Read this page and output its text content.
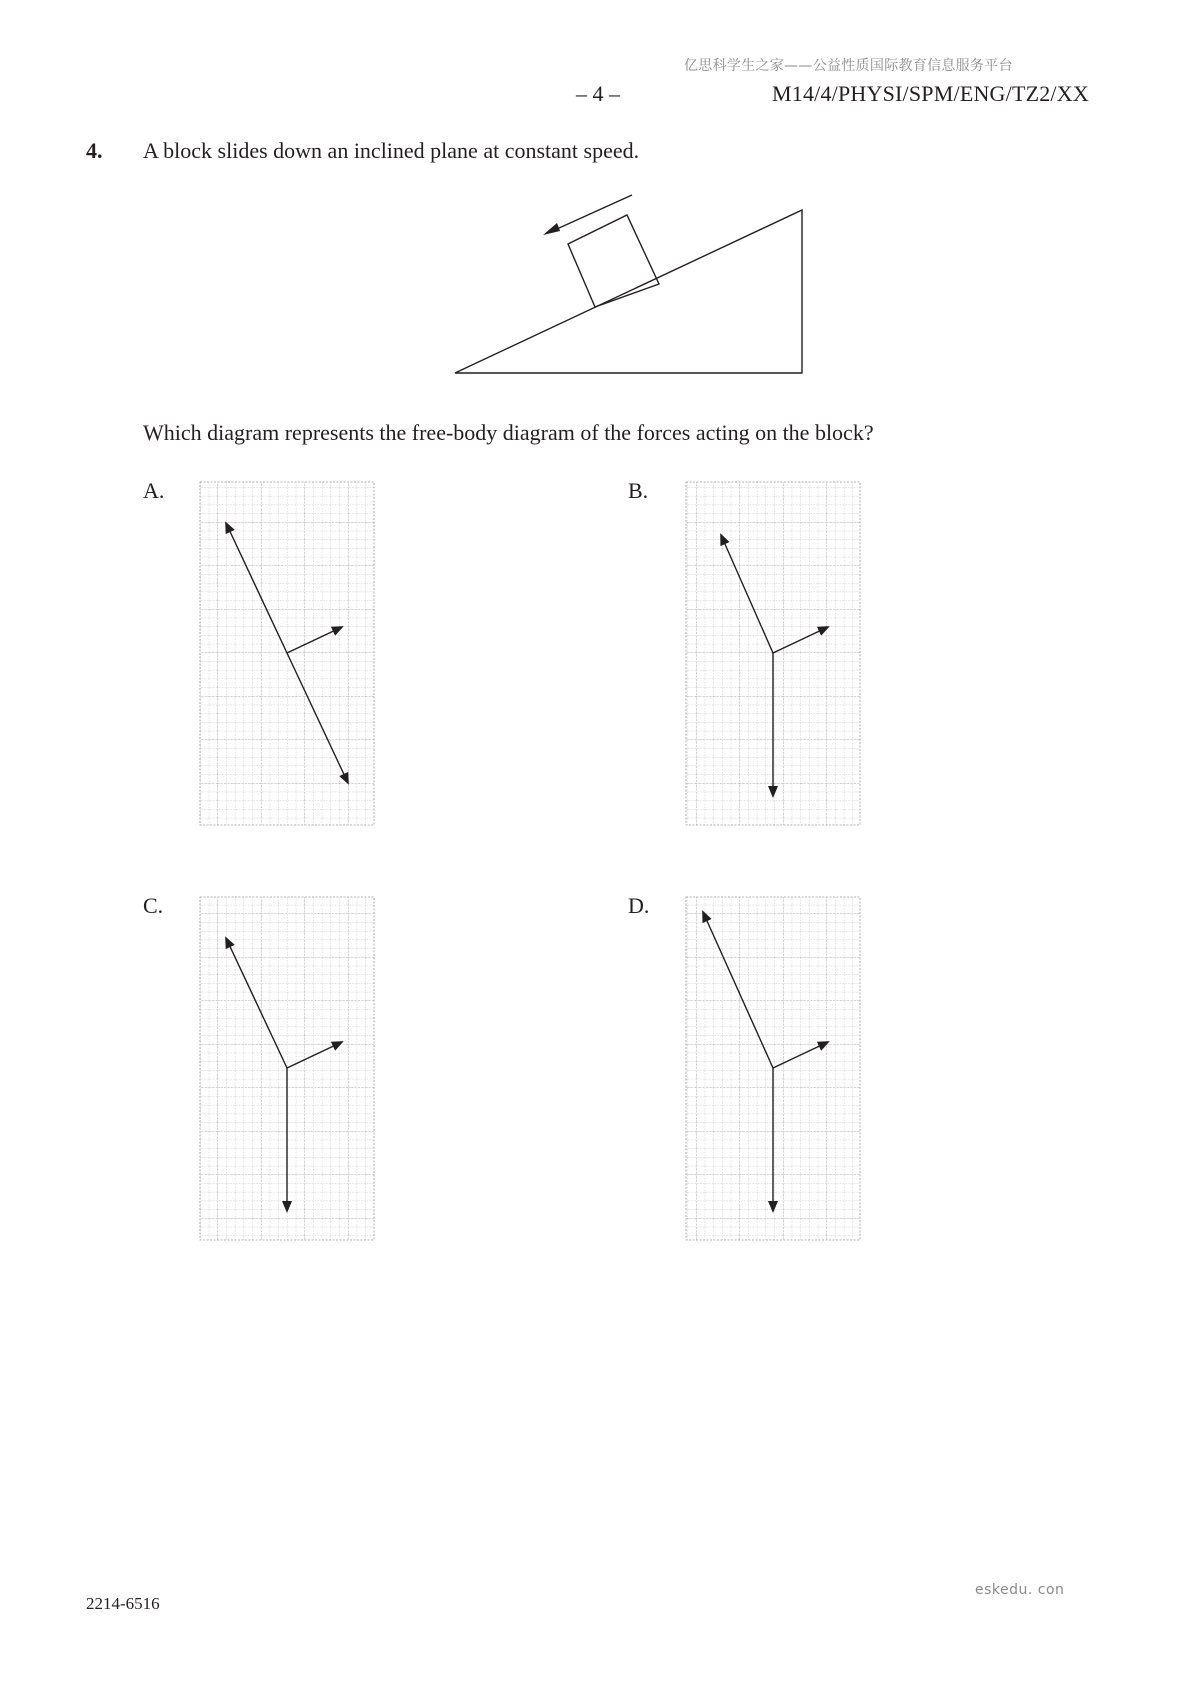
亿思科学生之家——公益性质国际教育信息服务平台
– 4 –	M14/4/PHYSI/SPM/ENG/TZ2/XX
4. A block slides down an inclined plane at constant speed.
Which diagram represents the free-body diagram of the forces acting on the block?
A.	B.
C.	D.
2214-6516
eskedu. con
